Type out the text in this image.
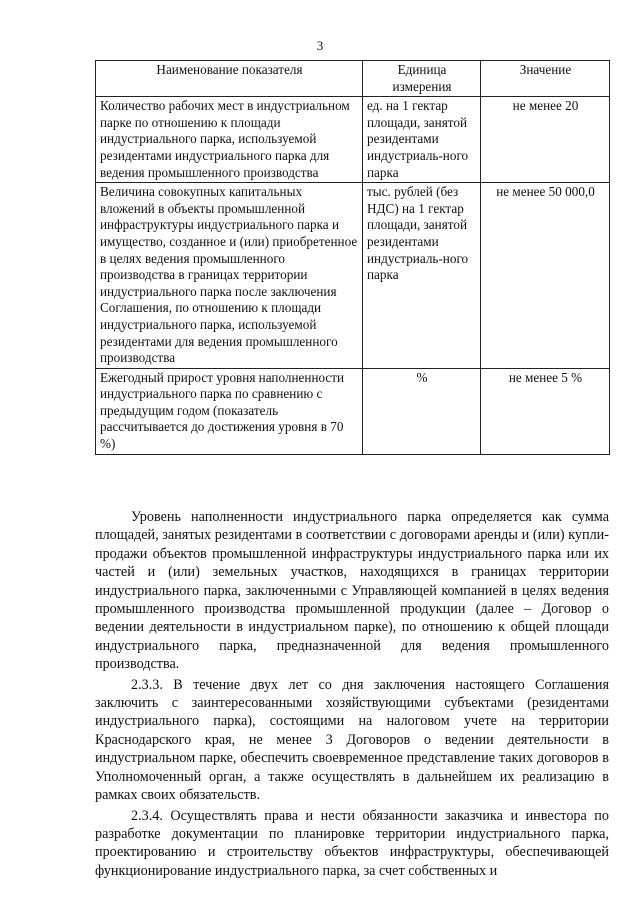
3
Наименование показателя	Единица измерения	Значение
Количество рабочих мест в индустриальном парке по отношению к площади индустриального парка, используемой резидентами индустриального парка для ведения промышленного производства	ед. на 1 гектар площади, занятой резидентами индустриаль-ного парка	не менее 20
Величина совокупных капитальных вложений в объекты промышленной инфраструктуры индустриального парка и имущество, созданное и (или) приобретенное в целях ведения промышленного производства в границах территории индустриального парка после заключения Соглашения, по отношению к площади индустриального парка, используемой резидентами для ведения промышленного производства	тыс. рублей (без НДС) на 1 гектар площади, занятой резидентами индустриаль-ного парка	не менее 50 000,0
Ежегодный прирост уровня наполненности индустриального парка по сравнению с предыдущим годом (показатель рассчитывается до достижения уровня в 70 %)	%	не менее 5 %

Уровень наполненности индустриального парка определяется как сумма площадей, занятых резидентами в соответствии с договорами аренды и (или) купли-продажи объектов промышленной инфраструктуры индустриального парка или их частей и (или) земельных участков, находящихся в границах территории индустриального парка, заключенными с Управляющей компанией в целях ведения промышленного производства промышленной продукции (далее – Договор о ведении деятельности в индустриальном парке), по отношению к общей площади индустриального парка, предназначенной для ведения промышленного производства.

2.3.3. В течение двух лет со дня заключения настоящего Соглашения заключить с заинтересованными хозяйствующими субъектами (резидентами индустриального парка), состоящими на налоговом учете на территории Краснодарского края, не менее 3 Договоров о ведении деятельности в индустриальном парке, обеспечить своевременное представление таких договоров в Уполномоченный орган, а также осуществлять в дальнейшем их реализацию в рамках своих обязательств.

2.3.4. Осуществлять права и нести обязанности заказчика и инвестора по разработке документации по планировке территории индустриального парка, проектированию и строительству объектов инфраструктуры, обеспечивающей функционирование индустриального парка, за счет собственных и
